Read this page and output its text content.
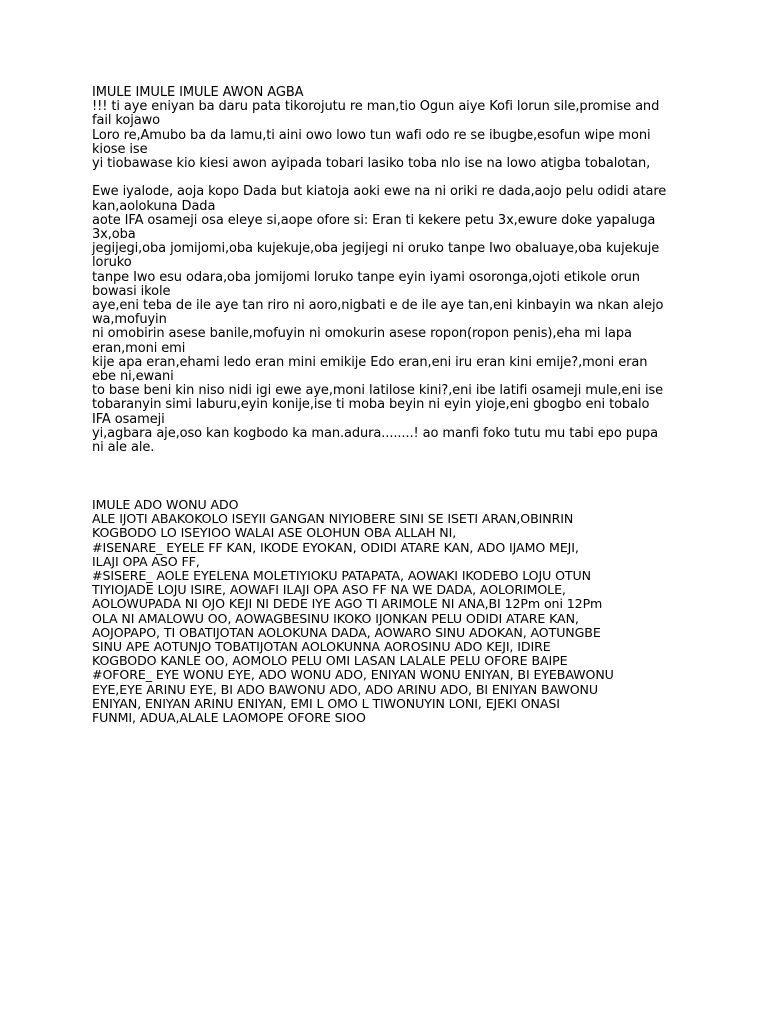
IMULE IMULE IMULE AWON AGBA
!!! ti aye eniyan ba daru pata tikorojutu re man,tio Ogun aiye Kofi lorun sile,promise and
fail kojawo
Loro re,Amubo ba da lamu,ti aini owo lowo tun wafi odo re se ibugbe,esofun wipe moni
kiose ise
yi tiobawase kio kiesi awon ayipada tobari lasiko toba nlo ise na lowo atigba tobalotan,
Ewe iyalode, aoja kopo Dada but kiatoja aoki ewe na ni oriki re dada,aojo pelu odidi atare
kan,aolokuna Dada
aote IFA osameji osa eleye si,aope ofore si: Eran ti kekere petu 3x,ewure doke yapaluga
3x,oba
jegijegi,oba jomijomi,oba kujekuje,oba jegijegi ni oruko tanpe Iwo obaluaye,oba kujekuje
loruko
tanpe Iwo esu odara,oba jomijomi loruko tanpe eyin iyami osoronga,ojoti etikole orun
bowasi ikole
aye,eni teba de ile aye tan riro ni aoro,nigbati e de ile aye tan,eni kinbayin wa nkan alejo
wa,mofuyin
ni omobirin asese banile,mofuyin ni omokurin asese ropon(ropon penis),eha mi lapa
eran,moni emi
kije apa eran,ehami ledo eran mini emikije Edo eran,eni iru eran kini emije?,moni eran
ebe ni,ewani
to base beni kin niso nidi igi ewe aye,moni latilose kini?,eni ibe latifi osameji mule,eni ise
tobaranyin simi laburu,eyin konije,ise ti moba beyin ni eyin yioje,eni gbogbo eni tobalo
IFA osameji
yi,agbara aje,oso kan kogbodo ka man.adura........! ao manfi foko tutu mu tabi epo pupa
ni ale ale.
IMULE ADO WONU ADO
ALE IJOTI ABAKOKOLO ISEYII GANGAN NIYIOBERE SINI SE ISETI ARAN,OBINRIN
KOGBODO LO ISEYIOO WALAI ASE OLOHUN OBA ALLAH NI,
#ISENARE_ EYELE FF KAN, IKODE EYOKAN, ODIDI ATARE KAN, ADO IJAMO MEJI,
ILAJI OPA ASO FF,
#SISERE_ AOLE EYELENA MOLETIYIOKU PATAPATA, AOWAKI IKODEBO LOJU OTUN
TIYIOJADE LOJU ISIRE, AOWAFI ILAJI OPA ASO FF NA WE DADA, AOLORIMOLE,
AOLOWUPADA NI OJO KEJI NI DEDE IYE AGO TI ARIMOLE NI ANA,BI 12Pm oni 12Pm
OLA NI AMALOWU OO, AOWAGBESINU IKOKO IJONKAN PELU ODIDI ATARE KAN,
AOJOPAPO, TI OBATIJOTAN AOLOKUNA DADA, AOWARO SINU ADOKAN, AOTUNGBE
SINU APE AOTUNJO TOBATIJOTAN AOLOKUNNA AOROSINU ADO KEJI, IDIRE
KOGBODO KANLE OO, AOMOLO PELU OMI LASAN LALALE PELU OFORE BAIPE
#OFORE_ EYE WONU EYE, ADO WONU ADO, ENIYAN WONU ENIYAN, BI EYEBAWONU
EYE,EYE ARINU EYE, BI ADO BAWONU ADO, ADO ARINU ADO, BI ENIYAN BAWONU
ENIYAN, ENIYAN ARINU ENIYAN, EMI L OMO L TIWONUYIN LONI, EJEKI ONASI
FUNMI, ADUA,ALALE LAOMOPE OFORE SIOO
